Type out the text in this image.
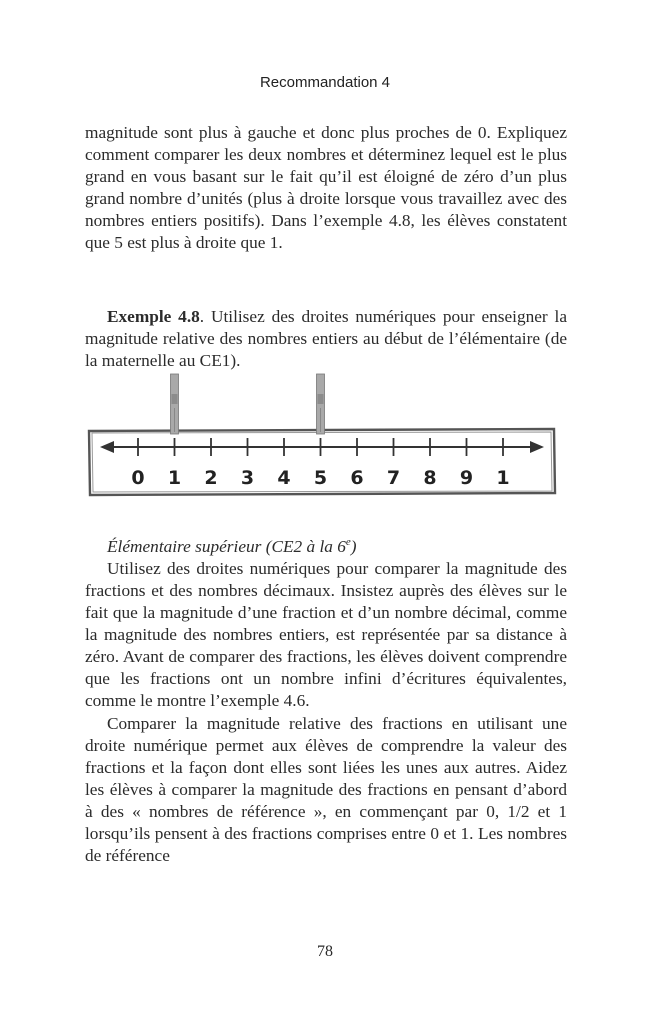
Recommandation 4

magnitude sont plus à gauche et donc plus proches de 0. Expliquez comment comparer les deux nombres et déterminez lequel est le plus grand en vous basant sur le fait qu’il est éloigné de zéro d’un plus grand nombre d’unités (plus à droite lorsque vous travaillez avec des nombres entiers positifs). Dans l’exemple 4.8, les élèves constatent que 5 est plus à droite que 1.

Exemple 4.8. Utilisez des droites numériques pour enseigner la magnitude relative des nombres entiers au début de l’élémentaire (de la maternelle au CE1).

0 1 2 3 4 5 6 7 8 9 1

Élémentaire supérieur (CE2 à la 6e)

Utilisez des droites numériques pour comparer la magnitude des fractions et des nombres décimaux. Insistez auprès des élèves sur le fait que la magnitude d’une fraction et d’un nombre décimal, comme la magnitude des nombres entiers, est représentée par sa distance à zéro. Avant de comparer des fractions, les élèves doivent comprendre que les fractions ont un nombre infini d’écritures équivalentes, comme le montre l’exemple 4.6.

Comparer la magnitude relative des fractions en utilisant une droite numérique permet aux élèves de comprendre la valeur des fractions et la façon dont elles sont liées les unes aux autres. Aidez les élèves à comparer la magnitude des fractions en pensant d’abord à des « nombres de référence », en commençant par 0, 1/2 et 1 lorsqu’ils pensent à des fractions comprises entre 0 et 1. Les nombres de référence

78
